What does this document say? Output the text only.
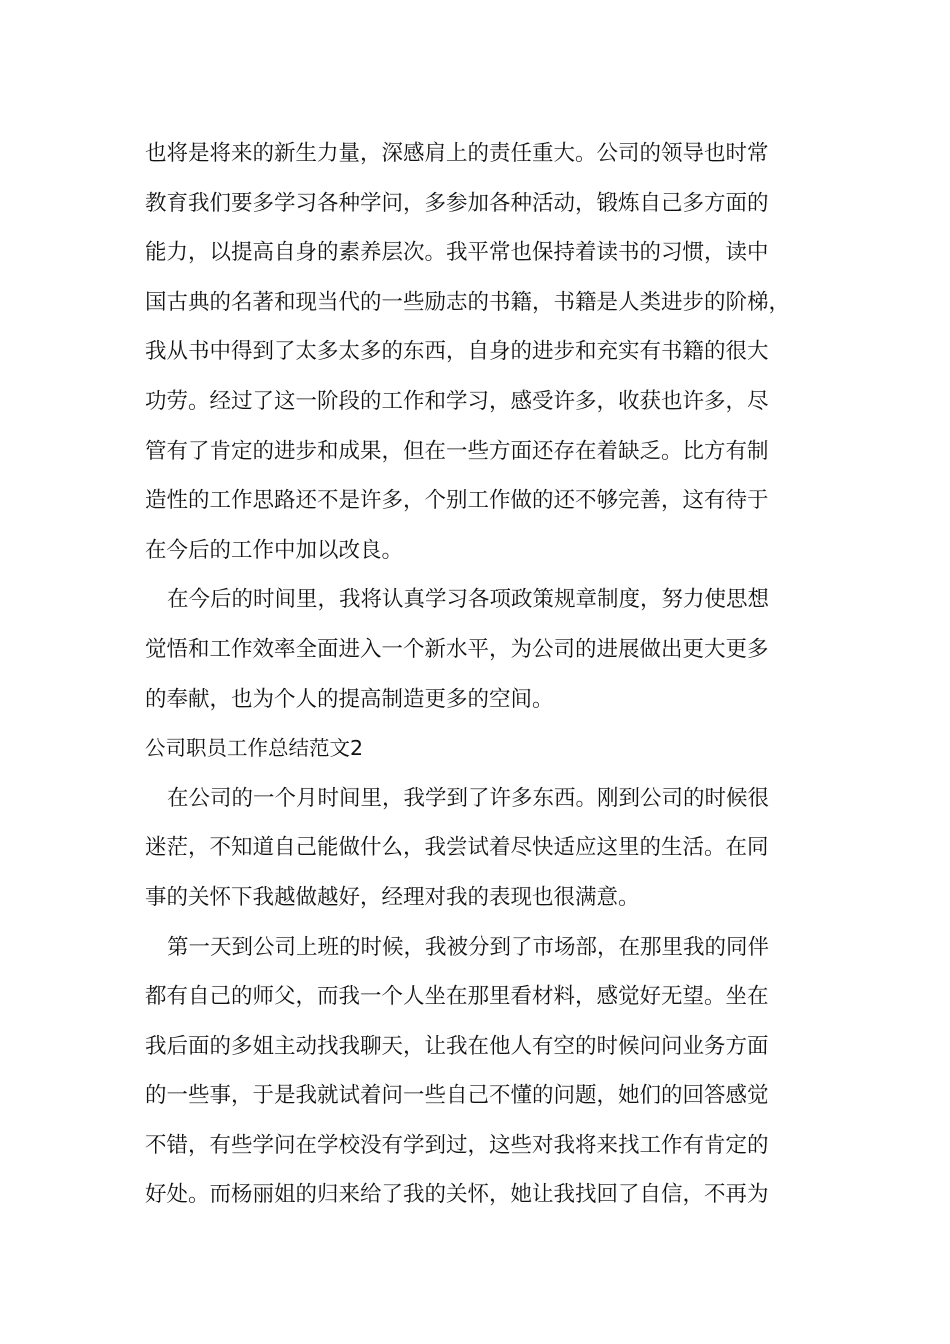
也将是将来的新生力量，深感肩上的责任重大。公司的领导也时常
教育我们要多学习各种学问，多参加各种活动，锻炼自己多方面的
能力，以提高自身的素养层次。我平常也保持着读书的习惯，读中
国古典的名著和现当代的一些励志的书籍，书籍是人类进步的阶梯，
我从书中得到了太多太多的东西，自身的进步和充实有书籍的很大
功劳。经过了这一阶段的工作和学习，感受许多，收获也许多，尽
管有了肯定的进步和成果，但在一些方面还存在着缺乏。比方有制
造性的工作思路还不是许多，个别工作做的还不够完善，这有待于
在今后的工作中加以改良。
在今后的时间里，我将认真学习各项政策规章制度，努力使思想
觉悟和工作效率全面进入一个新水平，为公司的进展做出更大更多
的奉献，也为个人的提高制造更多的空间。
公司职员工作总结范文2
在公司的一个月时间里，我学到了许多东西。刚到公司的时候很
迷茫，不知道自己能做什么，我尝试着尽快适应这里的生活。在同
事的关怀下我越做越好，经理对我的表现也很满意。
第一天到公司上班的时候，我被分到了市场部，在那里我的同伴
都有自己的师父，而我一个人坐在那里看材料，感觉好无望。坐在
我后面的多姐主动找我聊天，让我在他人有空的时候问问业务方面
的一些事，于是我就试着问一些自己不懂的问题，她们的回答感觉
不错，有些学问在学校没有学到过，这些对我将来找工作有肯定的
好处。而杨丽姐的归来给了我的关怀，她让我找回了自信，不再为
